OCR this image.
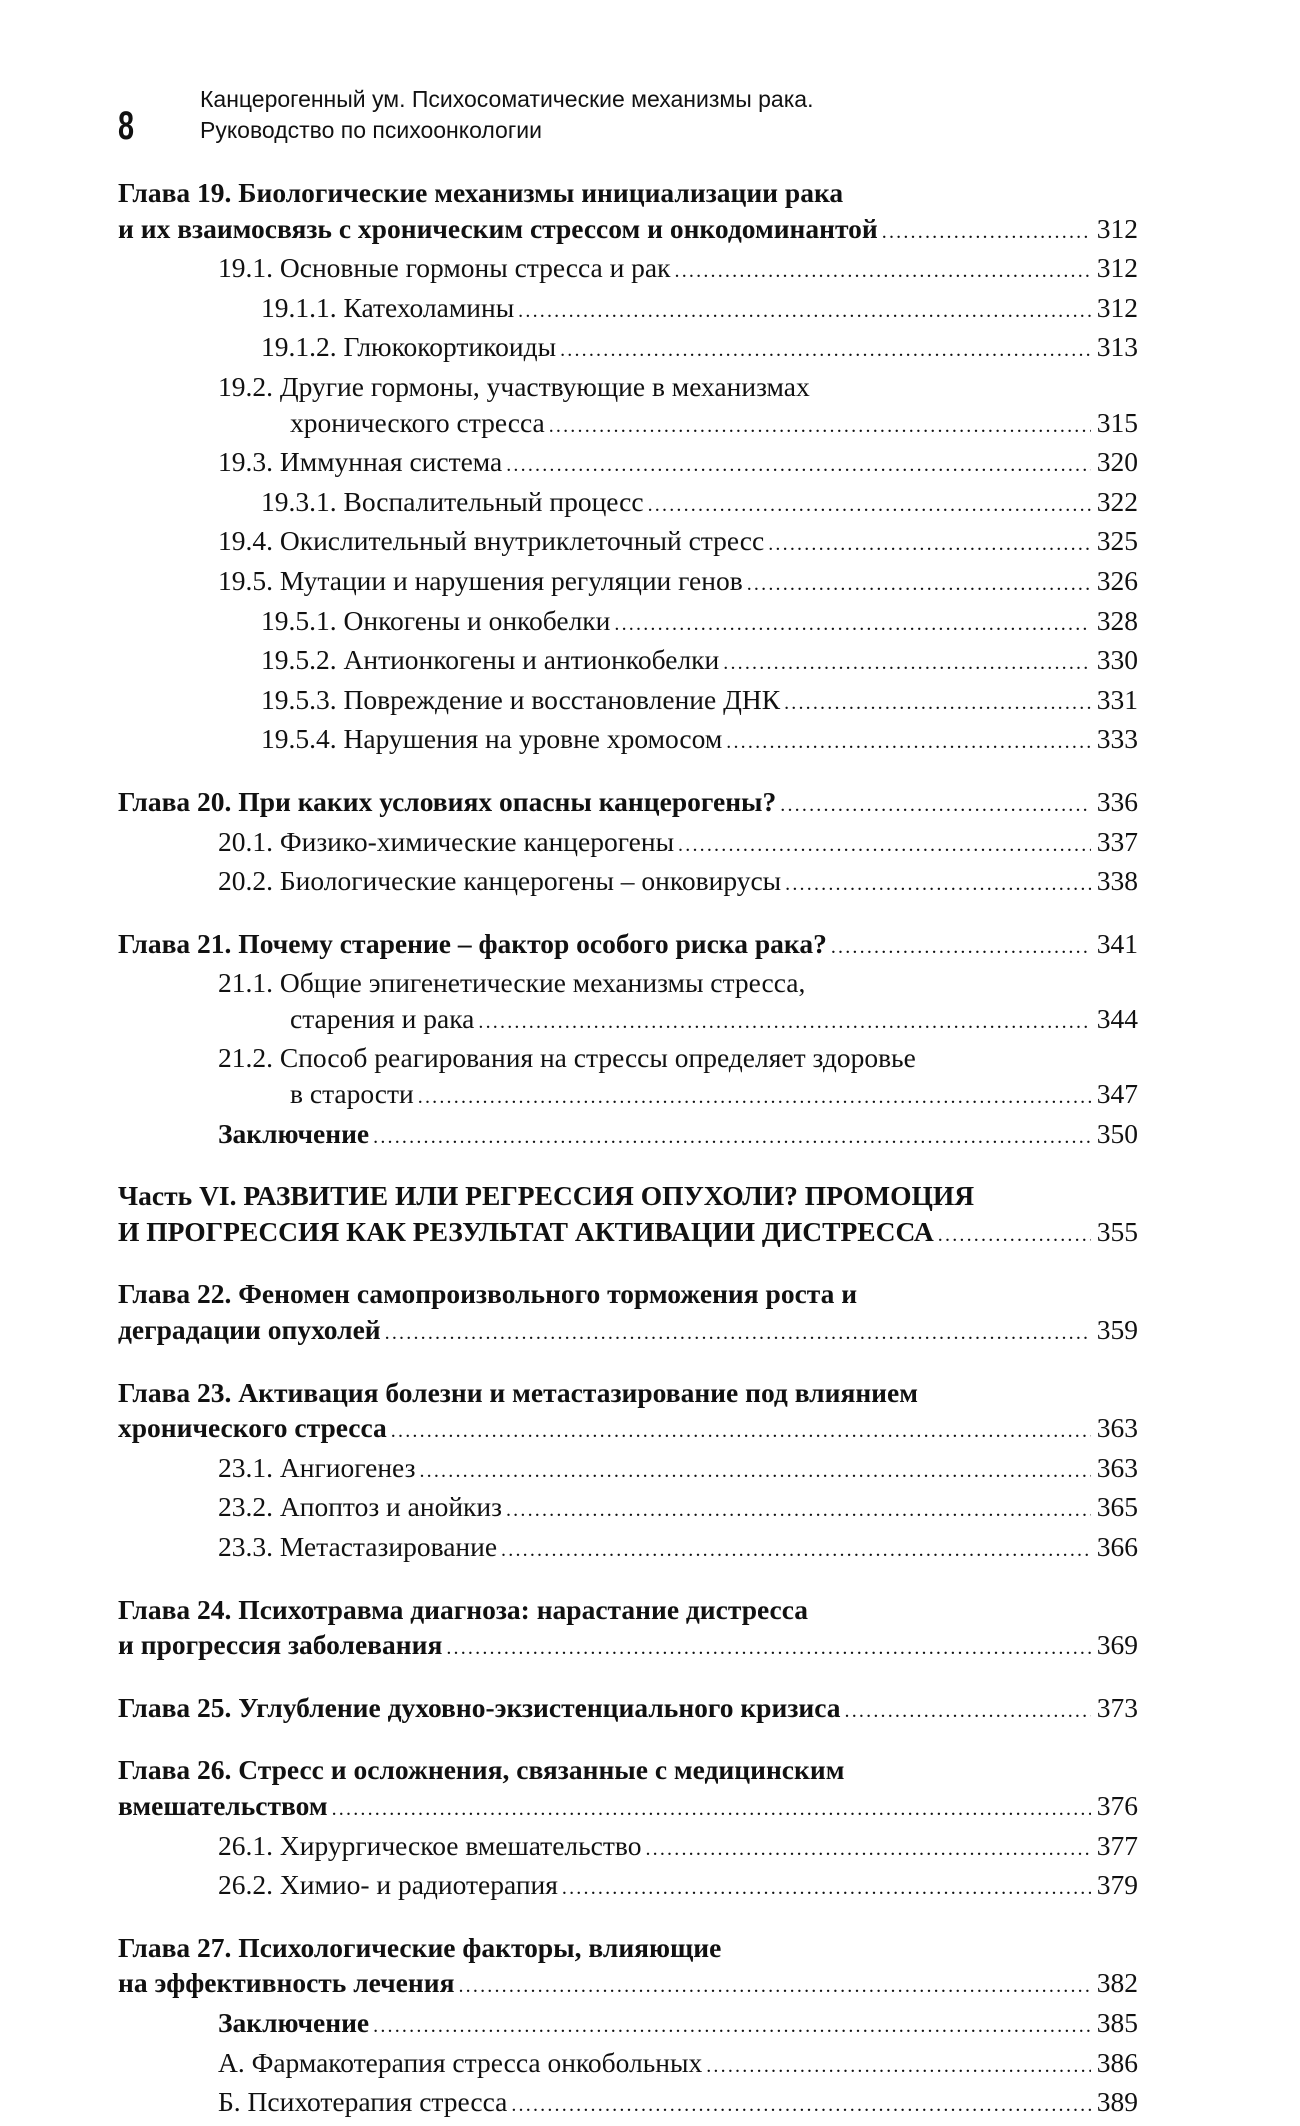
8
Канцерогенный ум. Психосоматические механизмы рака.
Руководство по психоонкологии
Глава 19. Биологические механизмы инициализации рака
и их взаимосвязь с хроническим стрессом и онкодоминантой .....	312
19.1. Основные гормоны стресса и рак .....	312
19.1.1. Катехоламины .....	312
19.1.2. Глюкокортикоиды .....	313
19.2. Другие гормоны, участвующие в механизмах
хронического стресса .....	315
19.3. Иммунная система .....	320
19.3.1. Воспалительный процесс .....	322
19.4. Окислительный внутриклеточный стресс .....	325
19.5. Мутации и нарушения регуляции генов .....	326
19.5.1. Онкогены и онкобелки .....	328
19.5.2. Антионкогены и антионкобелки .....	330
19.5.3. Повреждение и восстановление ДНК .....	331
19.5.4. Нарушения на уровне хромосом .....	333
Глава 20. При каких условиях опасны канцерогены? .....	336
20.1. Физико-химические канцерогены .....	337
20.2. Биологические канцерогены – онковирусы .....	338
Глава 21. Почему старение – фактор особого риска рака? .....	341
21.1. Общие эпигенетические механизмы стресса,
старения и рака .....	344
21.2. Способ реагирования на стрессы определяет здоровье
в старости .....	347
Заключение .....	350
Часть VI. РАЗВИТИЕ ИЛИ РЕГРЕССИЯ ОПУХОЛИ? ПРОМОЦИЯ
И ПРОГРЕССИЯ КАК РЕЗУЛЬТАТ АКТИВАЦИИ ДИСТРЕССА .....	355
Глава 22. Феномен самопроизвольного торможения роста и
деградации опухолей .....	359
Глава 23. Активация болезни и метастазирование под влиянием
хронического стресса .....	363
23.1. Ангиогенез .....	363
23.2. Апоптоз и анойкиз .....	365
23.3. Метастазирование .....	366
Глава 24. Психотравма диагноза: нарастание дистресса
и прогрессия заболевания .....	369
Глава 25. Углубление духовно-экзистенциального кризиса .....	373
Глава 26. Стресс и осложнения, связанные с медицинским
вмешательством .....	376
26.1. Хирургическое вмешательство .....	377
26.2. Химио- и радиотерапия .....	379
Глава 27. Психологические факторы, влияющие
на эффективность лечения .....	382
Заключение .....	385
А. Фармакотерапия стресса онкобольных .....	386
Б. Психотерапия стресса .....	389
